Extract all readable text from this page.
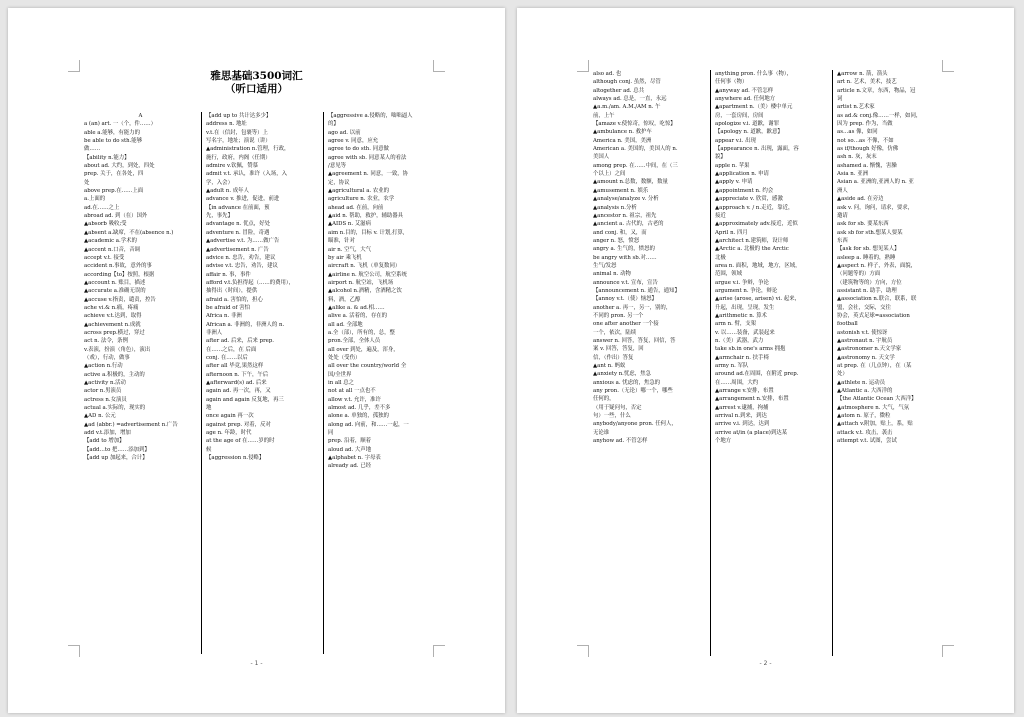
雅思基础3500词汇
（听口适用）
A
a (an) art. 一（个，件……）
able a.能够，有能力的
be able to do sth.能够
做……
【ability n.能力】
about ad. 大约，到处，四处
prep. 关于，在各处，四
处
above prep.在……上面
a.上面的
ad.在……之上
abroad ad. 到（在）国外
▲absorb 吸收;受
▲absent a.缺席，不在(absence n.)
▲academic a.学术的
▲accent n.口音，音调
accept v.t. 接受
accident n.事故，意外的事
according【to】按照，根据
▲account n. 账目，描述
▲accurate a.准确无误的
▲accuse v.指责，谴责，控告
ache vi.& n.痛，疼痛
achieve v.t.达到，取得
▲achievement n.成就
across prep.横过，穿过
act n. 法令，条例
v.表演，扮演（角色），演出
（戏），行动，做事
▲action n.行动
active a.积极的，主动的
▲activity n.活动
actor n.男演员
actress n.女演员
actual a.实际的，现实的
▲AD n. 公元
▲ad (abbr.) =advertisement n.广告
add v.t.添加，增加
【add to 增加】
【add…to 把……添加到】
【add up 加起来，合计】
【add up to 共计达多少】
address n. 地址
v.t.在（信封，包裹等）上
写名字，地址；演说（讲）
▲administration n.管理，行政，
施行，政府，内阁（任期）
admire v.钦佩，赞慕
admit v.t. 承认，准许（入场，入
学，入会）
▲adult n. 成年人
advance v. 推进，促进，前进
【in advance 在前面，预
先，事先】
advantage n. 优点，好处
adventure n. 冒险，奇遇
▲advertise v.t. 为……做广告
▲advertisement n. 广告
advice n. 忠告，劝告，建议
advise v.t. 忠告，劝告，建议
affair n. 事，事件
afford v.t.负担得起（……的费用），
抽得出（时间），提供
afraid a. 害怕的，担心
be afraid of 害怕
Africa n. 非洲
African a. 非洲的，非洲人的 n.
非洲人
after ad. 后来，后来 prep.
在……之后，在 后面
conj. 在……以后
after all 毕竟,果然这样
afternoon n. 下午，午后
▲afterward(s) ad. 后来
again ad. 再一次，再，又
again and again 反复地，再三
地
once again 再一次
against prep. 对着，反对
age n. 年龄，时代
at the age of 在……岁的时
候
【aggression n.侵略】
【aggressive a.侵略的，咄咄逼人
的】
ago ad. 以前
agree v. 同意，应允
agree to do sth. 同意做
agree with sb. 同意某人的看法
/意见等
▲agreement n. 同意，一致，协
定，协议
▲agricultural a. 农业的
agriculture n. 农业，农学
ahead ad. 在前，向前
▲aid n. 帮助，救护，辅助器具
▲AIDS n. 艾滋病
aim n.目的，目标 v. 计划,打算,
瞄准，针对
air n. 空气，大气
by air 乘飞机
aircraft n. 飞机（单复数同）
▲airline n. 航空公司，航空系统
airport n. 航空站，飞机场
▲alcohol n.酒精，含酒精之饮
料，酒，乙醇
▲alike a. & ad.相……
alive a. 活着的，存在的
all ad. 全部地
a.全（部），所有的，总，整
pron.全部，全体人员
all over 到处，遍及，浑身，
处处（受伤）
all over the country/world 全
国/全世界
in all 总之
not at all 一点也不
allow v.t. 允许，准许
almost ad. 几乎，差不多
alone a. 单独的，孤独的
along ad. 向前，和……一起，一
同
prep. 沿着，顺着
aloud ad. 大声地
▲alphabet n. 字母表
already ad. 已经
- 1 -
also ad. 也
although conj. 虽然，尽管
altogether ad. 总共
always ad. 总是，一直，永远
▲a.m./am. A.M./AM n. 午
前，上午
【amaze v.使惊奇，惊叹，吃惊】
▲ambulance n. 救护车
America n. 美国，美洲
American a. 美国的，美国人的 n.
美国人
among prep. 在……中间，在（三
个以上）之间
▲amount n.总数，数额，数量
▲amusement n. 娱乐
▲analyse/analyze v. 分析
▲analysis n.分析
▲ancestor n. 祖宗，祖先
▲ancient a. 古代的，古老的
and conj. 和，又，而
anger n. 怒，愤怒
angry a. 生气的，愤怒的
be angry with sb.对……
生气/发怒
animal n. 动物
announce v.t. 宣布，宣告
【announcement n. 通告，通知】
【annoy v.t.（使）恼怒】
another a. 再一，另一，别的，
不同的 pron. 另一个
one after another 一个接
一个，依次，陆续
answer n. 回答，答复，回信，答
案 v. 回答，答复，回
信，（作出）答复
▲ant n. 蚂蚁
▲anxiety n.忧虑，焦急
anxious a. 忧虑的，焦急的
any pron.（无论）哪一个，哪些
任何的，
（用于疑问句，否定
句）一些，什么
anybody/anyone pron. 任何人，
无论谁
anyhow ad. 不管怎样
anything pron. 什么事（物），
任何事（物）
▲anyway ad. 不管怎样
anywhere ad. 任何地方
▲apartment n.（美）楼中单元
房，一套房间，房间
apologize v.i. 道歉，谢罪
【apology n. 道歉，歉意】
appear v.i. 出现
【appearance n. 出现，露面，容
貌】
apple n. 苹果
▲application n. 申请
▲apply v. 申请
▲appointment n. 约会
▲appreciate v. 欣赏，感激
▲approach v. / n.走近，靠近，
接近
▲approximately adv.接近，近似
April n. 四月
▲architect n.建筑师，设计师
▲Arctic a. 北极的 the Arctic
北极
area n. 面积，地域，地方，区域，
范围，领域
argue v.i. 争辩，争论
argument n. 争论，辩论
▲arise (arose, arisen) vi. 起来，
升起，出现，呈现，发生
▲arithmetic n. 算术
arm n. 臂，支架
v. 以……装备，武装起来
n.（美）武器，武力
take sb.in one's arms 拥抱
▲armchair n. 扶手椅
army n. 军队
around ad.在周围，在附近 prep.
在……周围，大约
▲arrange v.安排，布置
▲arrangement n.安排，布置
▲arrest v.逮捕，拘捕
arrival n.到来，到达
arrive v.i. 到达，达到
arrive at/in (a place)到达某
个地方
▲arrow n. 箭，箭头
art n. 艺术，美术，技艺
article n.文章，东西，物品，冠
词
artist n.艺术家
as ad.& conj.像……一样，如同，
因为 prep. 作为，当做
as…as 像，如同
not so…as 不像，不如
as if/though 好像，仿佛
ash n. 灰，灰末
ashamed a. 惭愧，害臊
Asia n. 亚洲
Asian a. 亚洲的,亚洲人的 n. 亚
洲人
▲aside ad. 在旁边
ask v. 问，询问，请求，要求，
邀请
ask for sb. 要某东西
ask sb for sth.想某人要某
东西
【ask for sb. 想见某人】
asleep a. 睡着的，熟睡
▲aspect n. 样子，外表，面貌，
（问题等的）方面
（建筑物等的）方向，方位
assistant n. 助手，助理
▲association n.联合，联系，联
盟，会社，交际，交往
协会，英式足球=association
football
astonish v.t. 使惊讶
▲astronaut n. 宇航员
▲astronomer n.天文学家
▲astronomy n. 天文学
at prep. 在（几点钟），在（某
处）
▲athlete n. 运动员
▲Atlantic a. 大西洋的
【the Atlantic Ocean 大西洋】
▲atmosphere n. 大气，气氛
▲atom n. 原子，微粒
▲attach v.附加，贴上，系，贴
attack v.t. 攻击，袭击
attempt v.t. 试图，尝试
- 2 -
